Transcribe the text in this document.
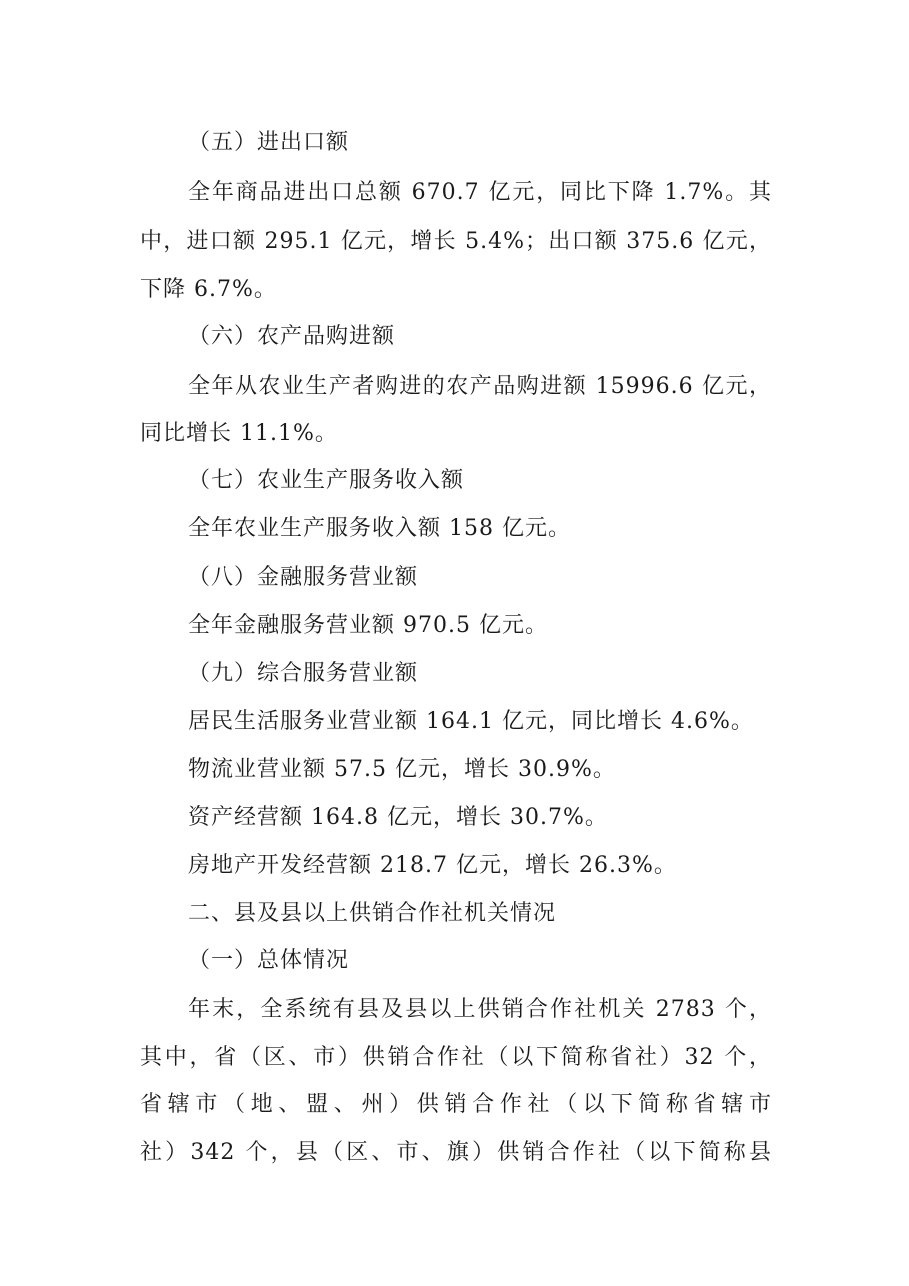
（五）进出口额
全年商品进出口总额 670.7 亿元，同比下降 1.7%。其
中，进口额 295.1 亿元，增长 5.4%；出口额 375.6 亿元，
下降 6.7%。
（六）农产品购进额
全年从农业生产者购进的农产品购进额 15996.6 亿元，
同比增长 11.1%。
（七）农业生产服务收入额
全年农业生产服务收入额 158 亿元。
（八）金融服务营业额
全年金融服务营业额 970.5 亿元。
（九）综合服务营业额
居民生活服务业营业额 164.1 亿元，同比增长 4.6%。
物流业营业额 57.5 亿元，增长 30.9%。
资产经营额 164.8 亿元，增长 30.7%。
房地产开发经营额 218.7 亿元，增长 26.3%。
二、县及县以上供销合作社机关情况
（一）总体情况
年末，全系统有县及县以上供销合作社机关 2783 个，
其中，省（区、市）供销合作社（以下简称省社）32 个，
省辖市（地、盟、州）供销合作社（以下简称省辖市
社）342 个，县（区、市、旗）供销合作社（以下简称县
